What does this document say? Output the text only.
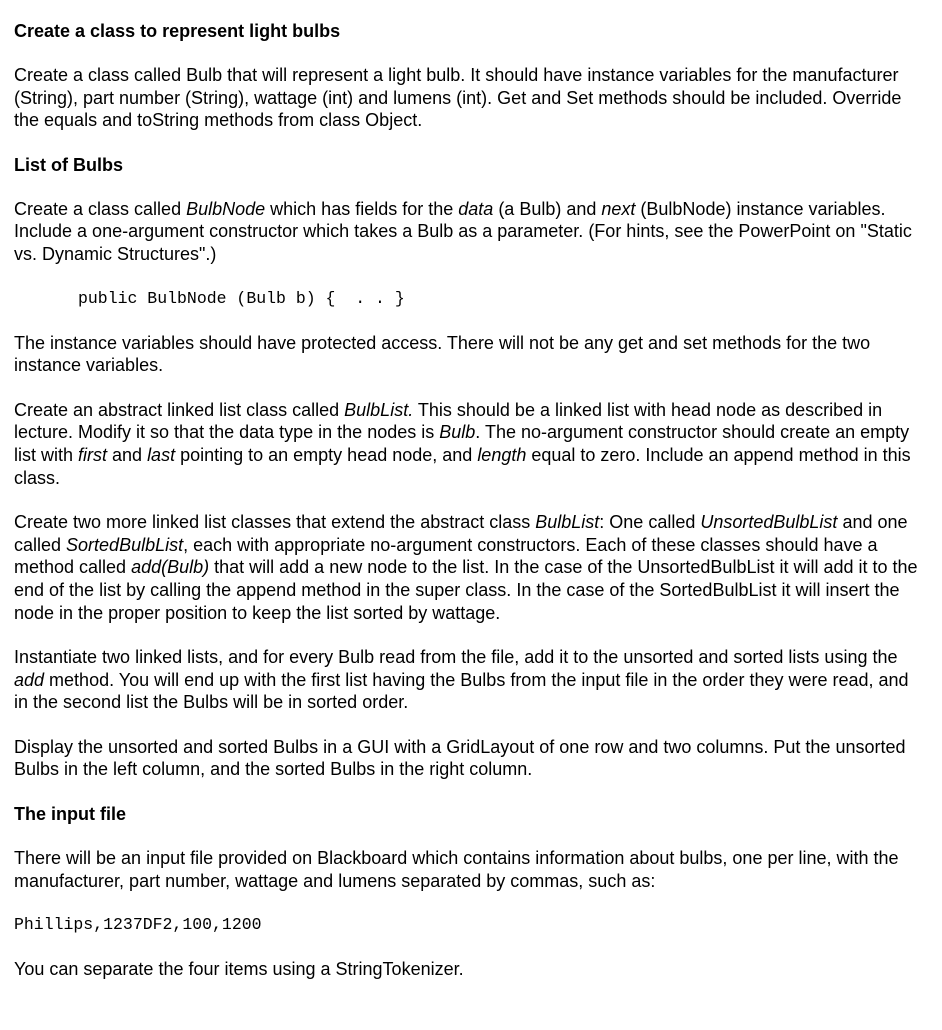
Create a class to represent light bulbs

Create a class called Bulb that will represent a light bulb. It should have instance variables for the manufacturer (String), part number (String), wattage (int) and lumens (int). Get and Set methods should be included. Override the equals and toString methods from class Object.

List of Bulbs

Create a class called BulbNode which has fields for the data (a Bulb) and next (BulbNode) instance variables. Include a one-argument constructor which takes a Bulb as a parameter. (For hints, see the PowerPoint on "Static vs. Dynamic Structures".)

public BulbNode (Bulb b) {  . . }

The instance variables should have protected access. There will not be any get and set methods for the two instance variables.

Create an abstract linked list class called BulbList. This should be a linked list with head node as described in lecture. Modify it so that the data type in the nodes is Bulb. The no-argument constructor should create an empty list with first and last pointing to an empty head node, and length equal to zero. Include an append method in this class.

Create two more linked list classes that extend the abstract class BulbList: One called UnsortedBulbList and one called SortedBulbList, each with appropriate no-argument constructors. Each of these classes should have a method called add(Bulb) that will add a new node to the list. In the case of the UnsortedBulbList it will add it to the end of the list by calling the append method in the super class. In the case of the SortedBulbList it will insert the node in the proper position to keep the list sorted by wattage.

Instantiate two linked lists, and for every Bulb read from the file, add it to the unsorted and sorted lists using the add method. You will end up with the first list having the Bulbs from the input file in the order they were read, and in the second list the Bulbs will be in sorted order.

Display the unsorted and sorted Bulbs in a GUI with a GridLayout of one row and two columns. Put the unsorted Bulbs in the left column, and the sorted Bulbs in the right column.

The input file

There will be an input file provided on Blackboard which contains information about bulbs, one per line, with the manufacturer, part number, wattage and lumens separated by commas, such as:

Phillips,1237DF2,100,1200

You can separate the four items using a StringTokenizer.
